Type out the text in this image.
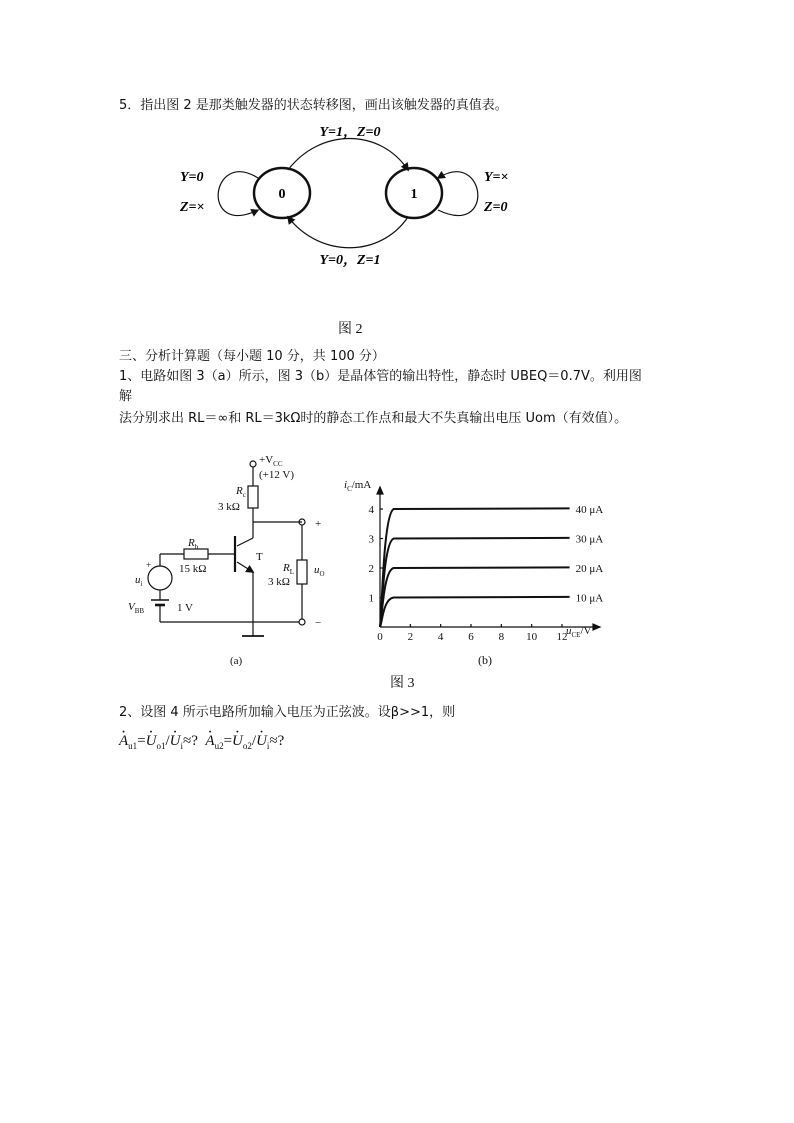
5．指出图 2 是那类触发器的状态转移图，画出该触发器的真值表。
0	1
Y=1，Z=0
Y=0，Z=1
Y=0
Z=×
Y=×
Z=0
图 2
三、分析计算题（每小题 10 分，共 100 分）
1、电路如图 3（a）所示，图 3（b）是晶体管的输出特性，静态时 UBEQ＝0.7V。利用图
解
法分别求出 RL＝∞和 RL＝3kΩ时的静态工作点和最大不失真输出电压 Uom（有效值）。
$+V_{CC}$
(+12 V)
$R_c$
3 kΩ
$R_b$
15 kΩ
T
$R_L$
3 kΩ
$u_O$
+
−
+
$u_i$
$V_{BB}$	1 V
(a)
0 2 4 6 8 10 12
1
2
3
4
10 μA
20 μA
30 μA
40 μA
$i_C/mA$
$u_{CE}/V$
(b)
图 3
2、设图 4 所示电路所加输入电压为正弦波。设β>>1，则
· $A_{u1}=\cdot U_{o1}/\cdot U_i\approx$?  · $A_{u2}=\cdot U_{o2}/\cdot U_i\approx$?
